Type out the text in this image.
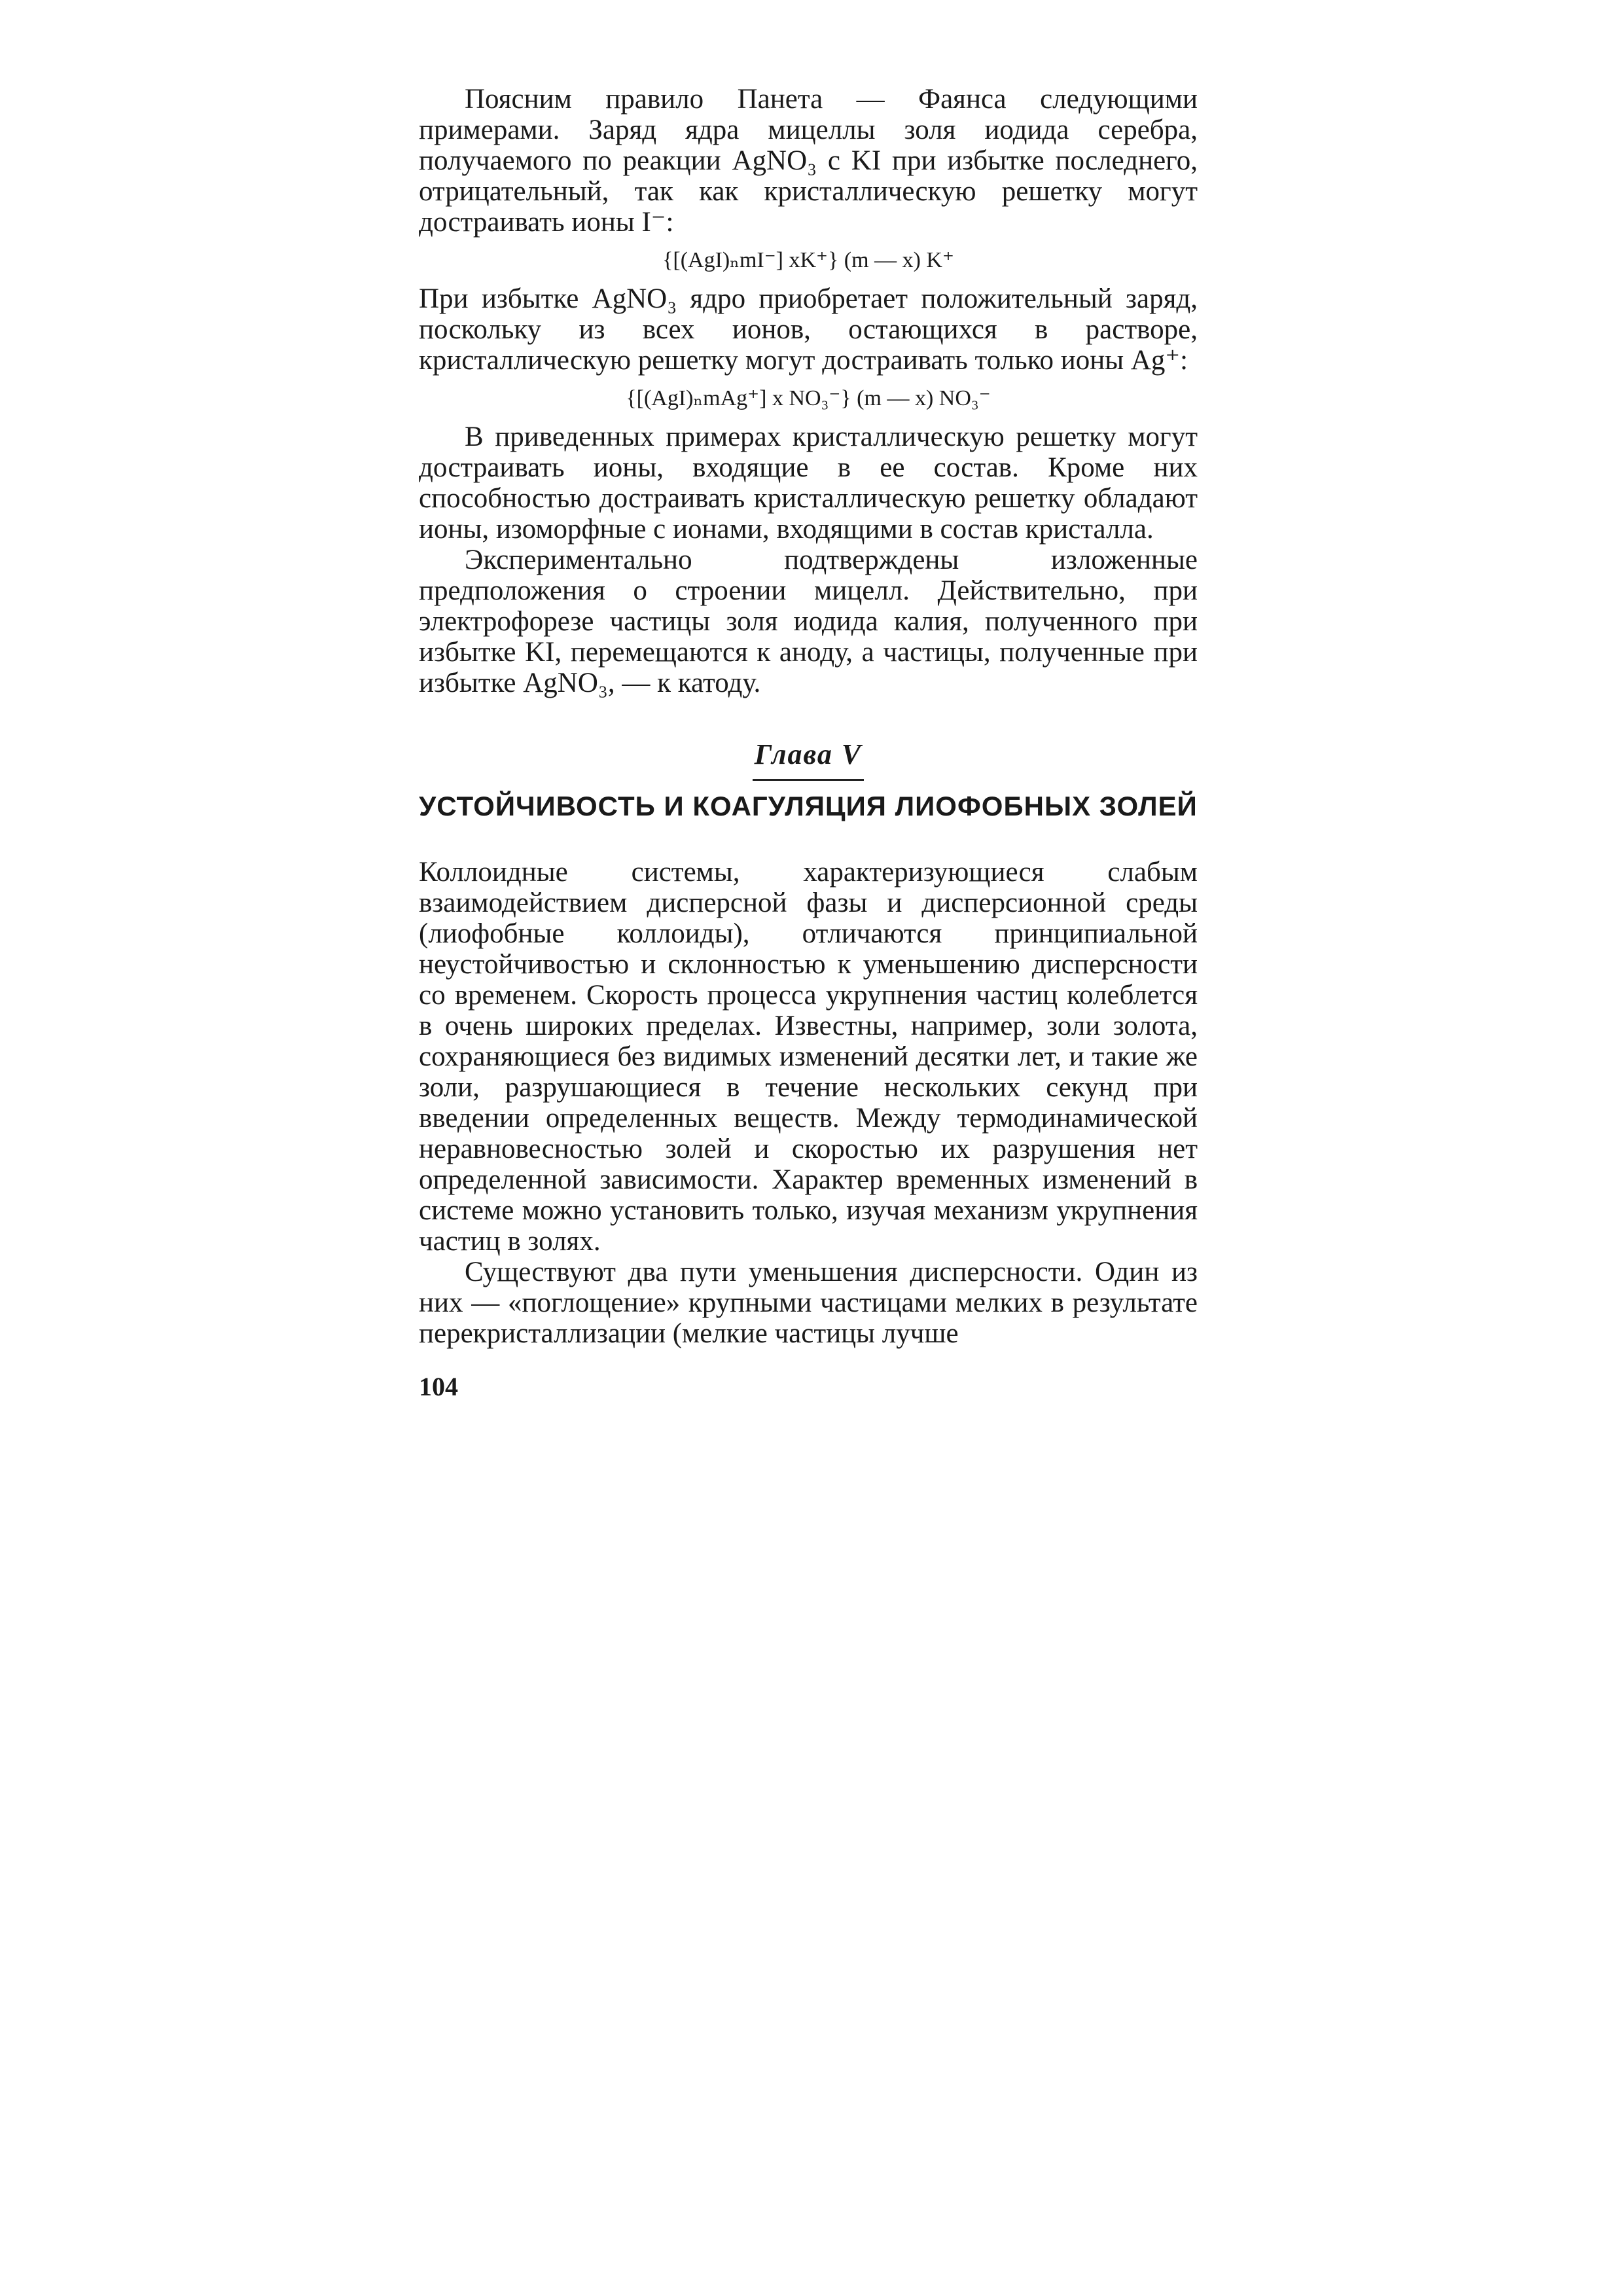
Поясним правило Панета — Фаянса следующими примерами. Заряд ядра мицеллы золя иодида серебра, получаемого по реакции AgNO₃ с KI при избытке последнего, отрицательный, так как кристаллическую решетку могут достраивать ионы I⁻:

{[(AgI)ₙmI⁻] xK⁺} (m — x) K⁺

При избытке AgNO₃ ядро приобретает положительный заряд, поскольку из всех ионов, остающихся в растворе, кристаллическую решетку могут достраивать только ионы Ag⁺:

{[(AgI)ₙmAg⁺] x NO₃⁻} (m — x) NO₃⁻

В приведенных примерах кристаллическую решетку могут достраивать ионы, входящие в ее состав. Кроме них способностью достраивать кристаллическую решетку обладают ионы, изоморфные с ионами, входящими в состав кристалла.

Экспериментально подтверждены изложенные предположения о строении мицелл. Действительно, при электрофорезе частицы золя иодида калия, полученного при избытке KI, перемещаются к аноду, а частицы, полученные при избытке AgNO₃, — к катоду.

Глава V
УСТОЙЧИВОСТЬ И КОАГУЛЯЦИЯ ЛИОФОБНЫХ ЗОЛЕЙ

Коллоидные системы, характеризующиеся слабым взаимодействием дисперсной фазы и дисперсионной среды (лиофобные коллоиды), отличаются принципиальной неустойчивостью и склонностью к уменьшению дисперсности со временем. Скорость процесса укрупнения частиц колеблется в очень широких пределах. Известны, например, золи золота, сохраняющиеся без видимых изменений десятки лет, и такие же золи, разрушающиеся в течение нескольких секунд при введении определенных веществ. Между термодинамической неравновесностью золей и скоростью их разрушения нет определенной зависимости. Характер временных изменений в системе можно установить только, изучая механизм укрупнения частиц в золях.

Существуют два пути уменьшения дисперсности. Один из них — «поглощение» крупными частицами мелких в результате перекристаллизации (мелкие частицы лучше

104
